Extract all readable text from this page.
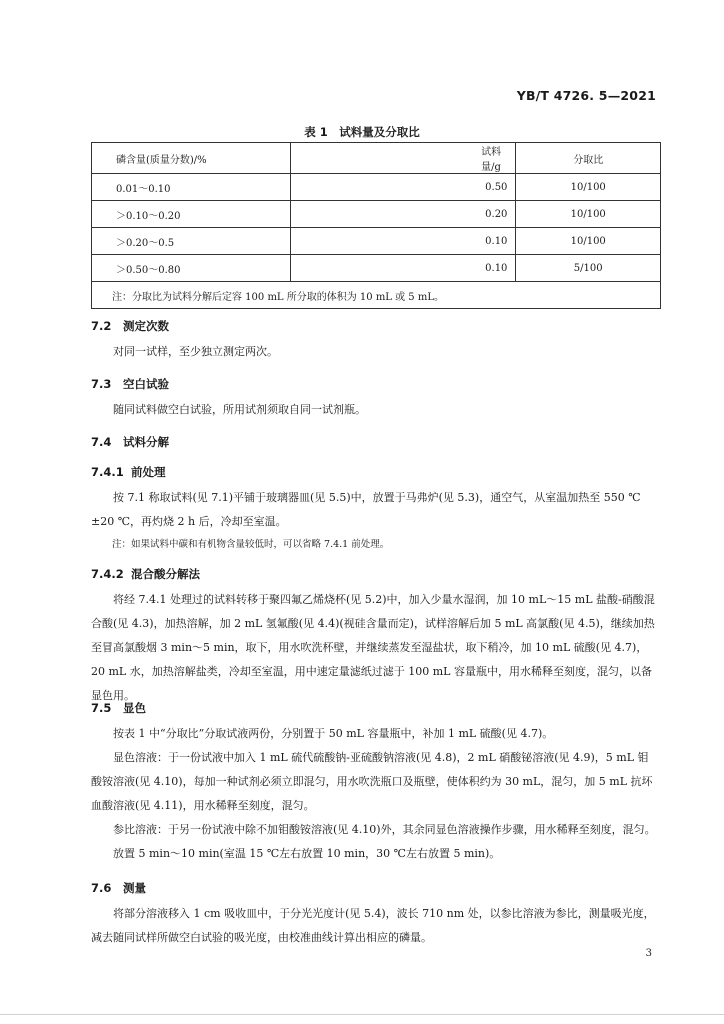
YB/T 4726. 5—2021
表 1　试料量及分取比
磷含量(质量分数)/%	试料量/g	分取比
0.01～0.10	0.50	10/100
＞0.10～0.20	0.20	10/100
＞0.20～0.5	0.10	10/100
＞0.50～0.80	0.10	5/100
注：分取比为试料分解后定容 100 mL 所分取的体积为 10 mL 或 5 mL。		
7.2 测定次数

对同一试样，至少独立测定两次。

7.3 空白试验

随同试料做空白试验，所用试剂须取自同一试剂瓶。

7.4 试料分解
7.4.1 前处理

按 7.1 称取试料(见 7.1)平铺于玻璃器皿(见 5.5)中，放置于马弗炉(见 5.3)，通空气，从室温加热至 550 ℃±20 ℃，再灼烧 2 h 后，冷却至室温。

注：如果试料中碳和有机物含量较低时，可以省略 7.4.1 前处理。
7.4.2 混合酸分解法

将经 7.4.1 处理过的试料转移于聚四氟乙烯烧杯(见 5.2)中，加入少量水湿润，加 10 mL～15 mL 盐酸-硝酸混合酸(见 4.3)，加热溶解，加 2 mL 氢氟酸(见 4.4)(视硅含量而定)，试样溶解后加 5 mL 高氯酸(见 4.5)，继续加热至冒高氯酸烟 3 min～5 min，取下，用水吹洗杯壁，并继续蒸发至湿盐状，取下稍冷，加 10 mL 硫酸(见 4.7)，20 mL 水，加热溶解盐类，冷却至室温，用中速定量滤纸过滤于 100 mL 容量瓶中，用水稀释至刻度，混匀，以备显色用。

7.5 显色

按表 1 中“分取比”分取试液两份，分别置于 50 mL 容量瓶中，补加 1 mL 硫酸(见 4.7)。

显色溶液：于一份试液中加入 1 mL 硫代硫酸钠-亚硫酸钠溶液(见 4.8)，2 mL 硝酸铋溶液(见 4.9)，5 mL 钼酸铵溶液(见 4.10)，每加一种试剂必须立即混匀，用水吹洗瓶口及瓶壁，使体积约为 30 mL，混匀，加 5 mL 抗坏血酸溶液(见 4.11)，用水稀释至刻度，混匀。

参比溶液：于另一份试液中除不加钼酸铵溶液(见 4.10)外，其余同显色溶液操作步骤，用水稀释至刻度，混匀。

放置 5 min～10 min(室温 15 ℃左右放置 10 min，30 ℃左右放置 5 min)。

7.6 测量

将部分溶液移入 1 cm 吸收皿中，于分光光度计(见 5.4)，波长 710 nm 处，以参比溶液为参比，测量吸光度，减去随同试样所做空白试验的吸光度，由校准曲线计算出相应的磷量。

3
